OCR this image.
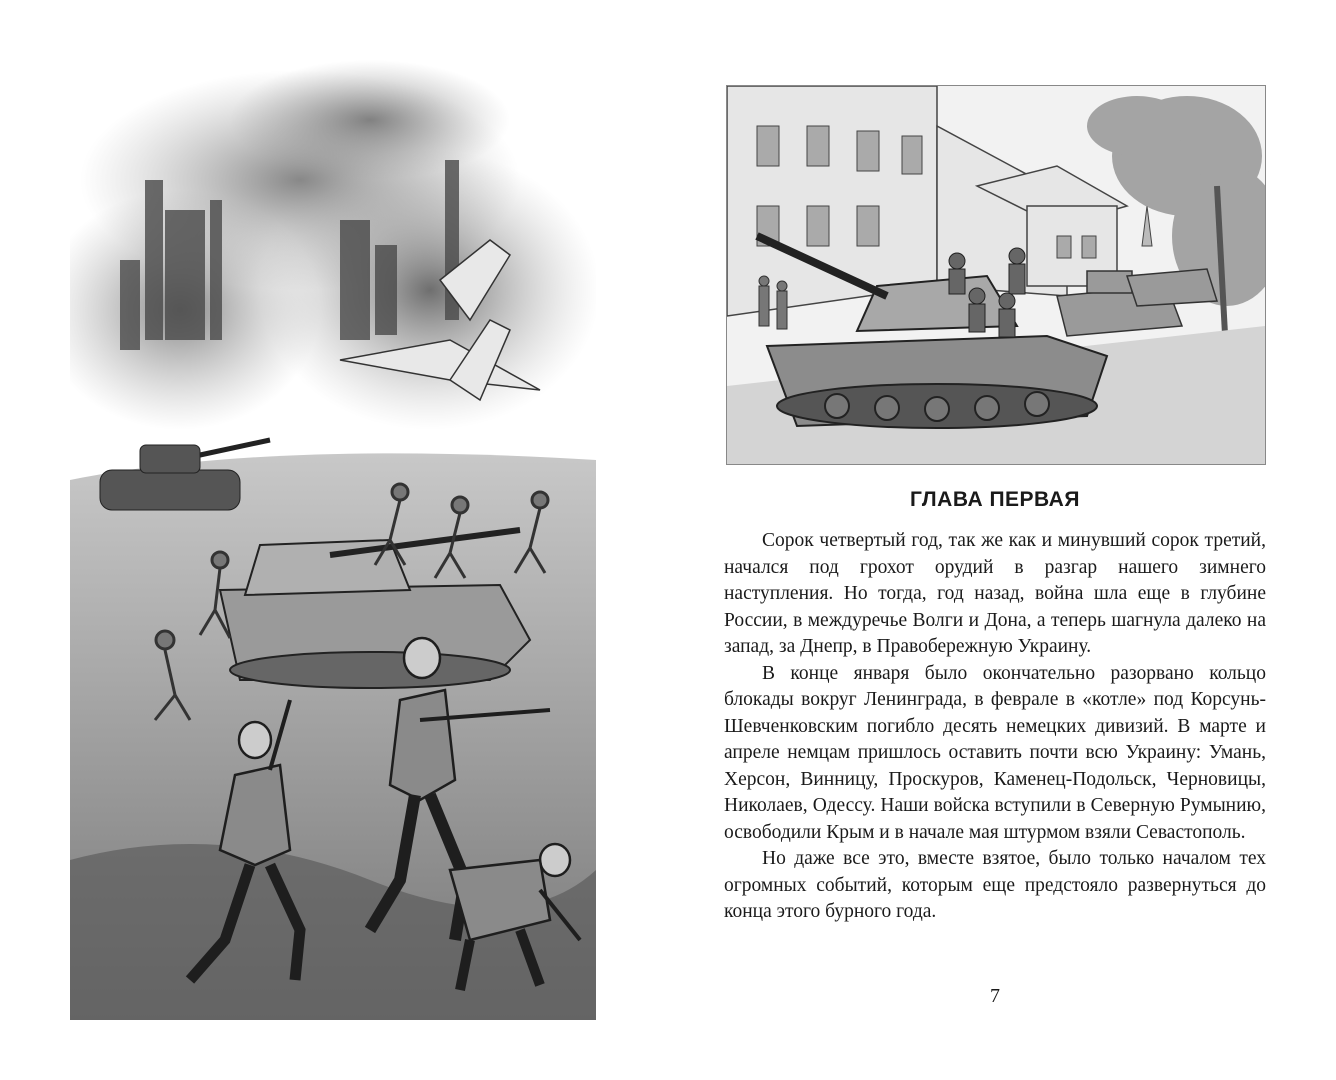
ГЛАВА ПЕРВАЯ

Сорок четвертый год, так же как и минувший сорок третий, начался под грохот орудий в разгар нашего зимнего наступления. Но тогда, год назад, война шла еще в глубине России, в междуречье Волги и Дона, а теперь шагнула далеко на запад, за Днепр, в Правобережную Украину.

В конце января было окончательно разорвано кольцо блокады вокруг Ленинграда, в феврале в «котле» под Корсунь-Шевченковским погибло десять немецких дивизий. В марте и апреле немцам пришлось оставить почти всю Украину: Умань, Херсон, Винницу, Проскуров, Каменец-Подольск, Черновицы, Николаев, Одессу. Наши войска вступили в Северную Румынию, освободили Крым и в начале мая штурмом взяли Севастополь.

Но даже все это, вместе взятое, было только началом тех огромных событий, которым еще предстояло развернуться до конца этого бурного года.

7
